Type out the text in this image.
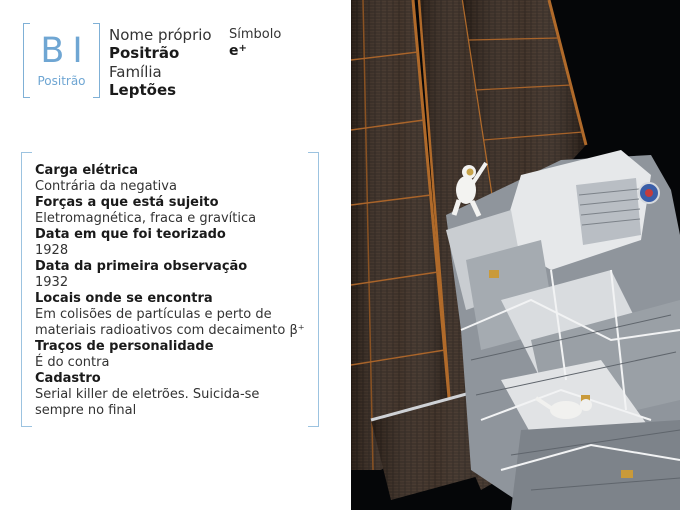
BI
Positrão
Nome próprio
Positrão
Família
Leptões
Símbolo
e+
Carga elétrica
Contrária da negativa
Forças a que está sujeito
Eletromagnética, fraca e gravítica
Data em que foi teorizado
1928
Data da primeira observação
1932
Locais onde se encontra
Em colisões de partículas e perto de materiais radioativos com decaimento β⁺
Traços de personalidade
É do contra
Cadastro
Serial killer de eletrões. Suicida-se sempre no final
